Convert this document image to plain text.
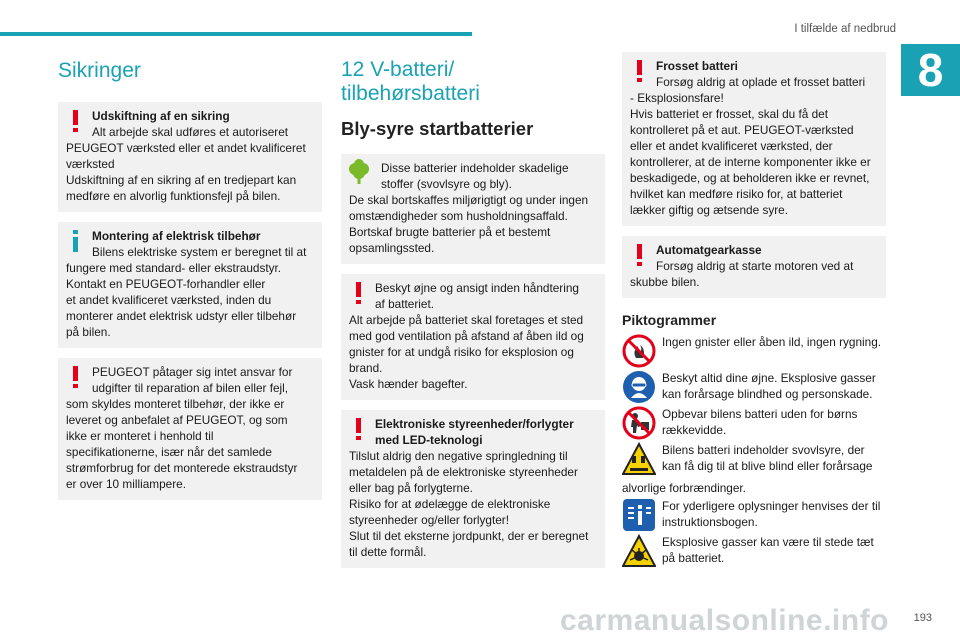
I tilfælde af nedbrud
8
Sikringer
Udskiftning af en sikring
Alt arbejde skal udføres et autoriseret
PEUGEOT værksted eller et andet kvalificeret
værksted
Udskiftning af en sikring af en tredjepart kan
medføre en alvorlig funktionsfejl på bilen.
Montering af elektrisk tilbehør
Bilens elektriske system er beregnet til at
fungere med standard- eller ekstraudstyr.
Kontakt en PEUGEOT-forhandler eller
et andet kvalificeret værksted, inden du
monterer andet elektrisk udstyr eller tilbehør
på bilen.
PEUGEOT påtager sig intet ansvar for
udgifter til reparation af bilen eller fejl,
som skyldes monteret tilbehør, der ikke er
leveret og anbefalet af PEUGEOT, og som
ikke er monteret i henhold til
specifikationerne, især når det samlede
strømforbrug for det monterede ekstraudstyr
er over 10 milliampere.
12 V-batteri/
tilbehørsbatteri
Bly-syre startbatterier
Disse batterier indeholder skadelige
stoffer (svovlsyre og bly).
De skal bortskaffes miljørigtigt og under ingen
omstændigheder som husholdningsaffald.
Bortskaf brugte batterier på et bestemt
opsamlingssted.
Beskyt øjne og ansigt inden håndtering
af batteriet.
Alt arbejde på batteriet skal foretages et sted
med god ventilation på afstand af åben ild og
gnister for at undgå risiko for eksplosion og
brand.
Vask hænder bagefter.
Elektroniske styreenheder/forlygter
med LED-teknologi
Tilslut aldrig den negative springledning til
metaldelen på de elektroniske styreenheder
eller bag på forlygterne.
Risiko for at ødelægge de elektroniske
styreenheder og/eller forlygter!
Slut til det eksterne jordpunkt, der er beregnet
til dette formål.
Frosset batteri
Forsøg aldrig at oplade et frosset batteri
- Eksplosionsfare!
Hvis batteriet er frosset, skal du få det
kontrolleret på et aut. PEUGEOT-værksted
eller et andet kvalificeret værksted, der
kontrollerer, at de interne komponenter ikke er
beskadigede, og at beholderen ikke er revnet,
hvilket kan medføre risiko for, at batteriet
lækker giftig og ætsende syre.
Automatgearkasse
Forsøg aldrig at starte motoren ved at
skubbe bilen.
Piktogrammer
Ingen gnister eller åben ild, ingen rygning.
Beskyt altid dine øjne. Eksplosive gasser
kan forårsage blindhed og personskade.
Opbevar bilens batteri uden for børns
rækkevidde.
Bilens batteri indeholder svovlsyre, der
kan få dig til at blive blind eller forårsage
alvorlige forbrændinger.
For yderligere oplysninger henvises der til
instruktionsbogen.
Eksplosive gasser kan være til stede tæt
på batteriet.
carmanualsonline.info 193
